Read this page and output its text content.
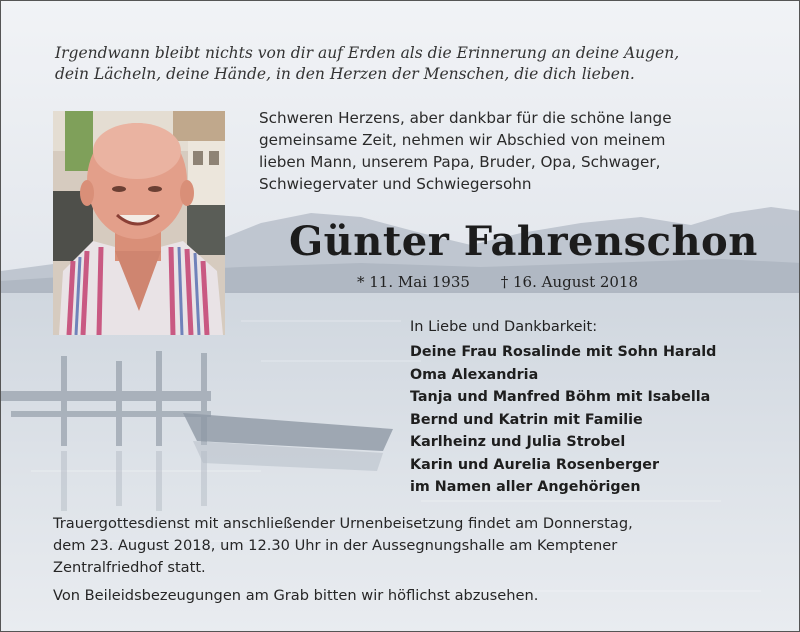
Irgendwann bleibt nichts von dir auf Erden als die Erinnerung an deine Augen,
dein Lächeln, deine Hände, in den Herzen der Menschen, die dich lieben.

Schweren Herzens, aber dankbar für die schöne lange
gemeinsame Zeit, nehmen wir Abschied von meinem
lieben Mann, unserem Papa, Bruder, Opa, Schwager,
Schwiegervater und Schwiegersohn

Günter Fahrenschon
* 11. Mai 1935 † 16. August 2018
In Liebe und Dankbarkeit:
Deine Frau Rosalinde mit Sohn Harald
Oma Alexandria
Tanja und Manfred Böhm mit Isabella
Bernd und Katrin mit Familie
Karlheinz und Julia Strobel
Karin und Aurelia Rosenberger
im Namen aller Angehörigen

Trauergottesdienst mit anschließender Urnenbeisetzung findet am Donnerstag,
dem 23. August 2018, um 12.30 Uhr in der Aussegnungshalle am Kemptener
Zentralfriedhof statt.

Von Beileidsbezeugungen am Grab bitten wir höflichst abzusehen.
